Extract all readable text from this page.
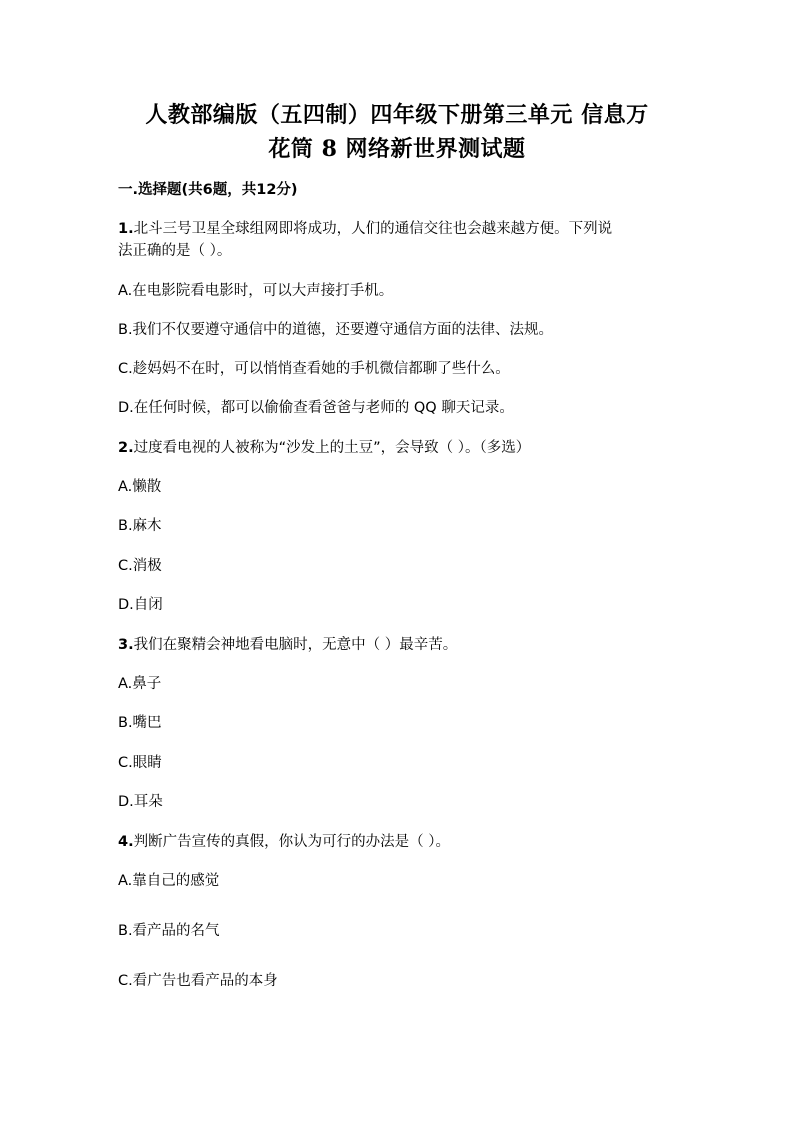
人教部编版（五四制）四年级下册第三单元 信息万
花筒 8 网络新世界测试题
一.选择题(共6题，共12分)
1.北斗三号卫星全球组网即将成功，人们的通信交往也会越来越方便。下列说
法正确的是（ ）。
A.在电影院看电影时，可以大声接打手机。
B.我们不仅要遵守通信中的道德，还要遵守通信方面的法律、法规。
C.趁妈妈不在时，可以悄悄查看她的手机微信都聊了些什么。
D.在任何时候，都可以偷偷查看爸爸与老师的 QQ 聊天记录。
2.过度看电视的人被称为“沙发上的土豆”，会导致（ ）。（多选）
A.懒散
B.麻木
C.消极
D.自闭
3.我们在聚精会神地看电脑时，无意中（ ）最辛苦。
A.鼻子
B.嘴巴
C.眼睛
D.耳朵
4.判断广告宣传的真假，你认为可行的办法是（ ）。
A.靠自己的感觉
B.看产品的名气
C.看广告也看产品的本身
